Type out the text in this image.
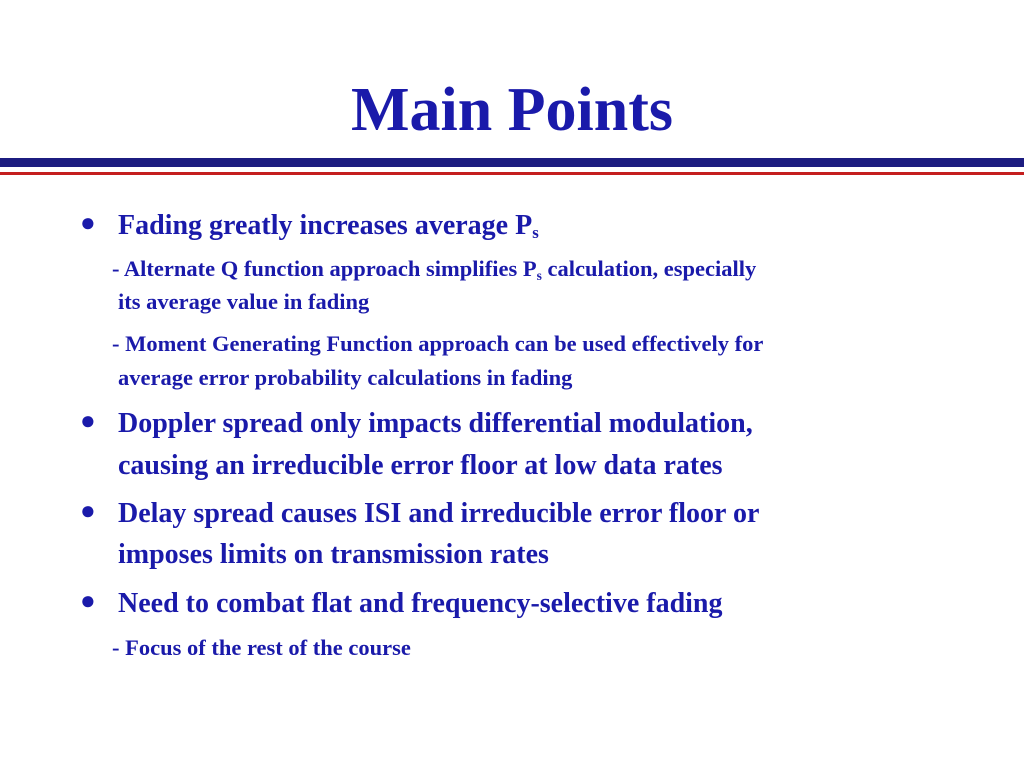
Main Points
● Fading greatly increases average $P_s$
- Alternate Q function approach simplifies $P_s$ calculation, especially
its average value in fading
- Moment Generating Function approach can be used effectively for
average error probability calculations in fading
● Doppler spread only impacts differential modulation,
causing an irreducible error floor at low data rates
● Delay spread causes ISI and irreducible error floor or
imposes limits on transmission rates
● Need to combat flat and frequency-selective fading
- Focus of the rest of the course
